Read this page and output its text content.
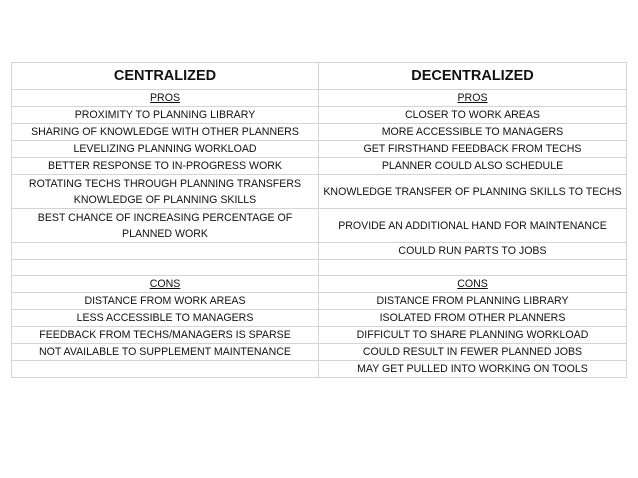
CENTRALIZED	DECENTRALIZED
PROS	PROS
PROXIMITY TO PLANNING LIBRARY	CLOSER TO WORK AREAS
SHARING OF KNOWLEDGE WITH OTHER PLANNERS	MORE ACCESSIBLE TO MANAGERS
LEVELIZING PLANNING WORKLOAD	GET FIRSTHAND FEEDBACK FROM TECHS
BETTER RESPONSE TO IN-PROGRESS WORK	PLANNER COULD ALSO SCHEDULE
ROTATING TECHS THROUGH PLANNING TRANSFERS KNOWLEDGE OF PLANNING SKILLS	KNOWLEDGE TRANSFER OF PLANNING SKILLS TO TECHS
BEST CHANCE OF INCREASING PERCENTAGE OF PLANNED WORK	PROVIDE AN ADDITIONAL HAND FOR MAINTENANCE
	COULD RUN PARTS TO JOBS

CONS	CONS
DISTANCE FROM WORK AREAS	DISTANCE FROM PLANNING LIBRARY
LESS ACCESSIBLE TO MANAGERS	ISOLATED FROM OTHER PLANNERS
FEEDBACK FROM TECHS/MANAGERS IS SPARSE	DIFFICULT TO SHARE PLANNING WORKLOAD
NOT AVAILABLE TO SUPPLEMENT MAINTENANCE	COULD RESULT IN FEWER PLANNED JOBS
	MAY GET PULLED INTO WORKING ON TOOLS
